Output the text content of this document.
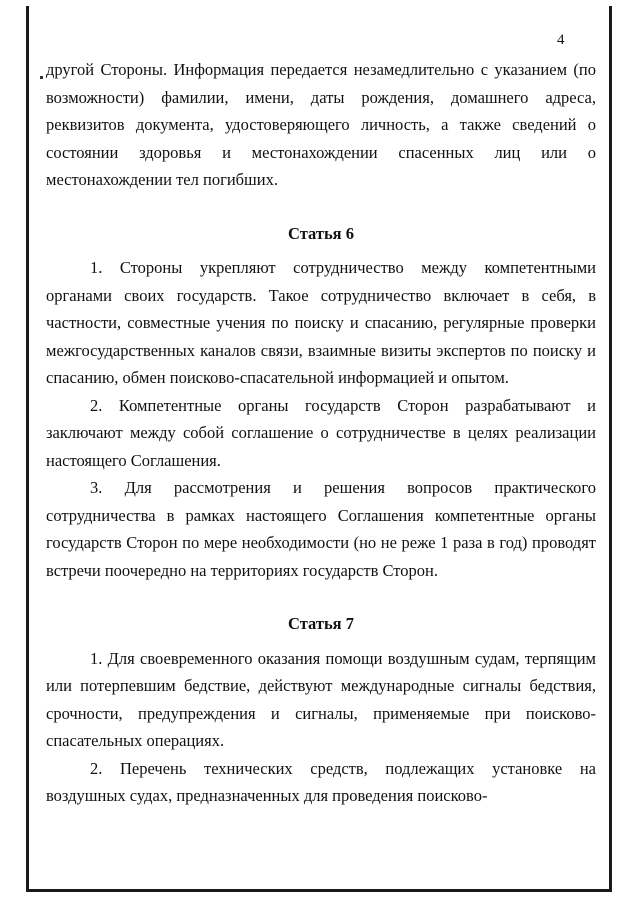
4

другой Стороны. Информация передается незамедлительно с указанием (по возможности) фамилии, имени, даты рождения, домашнего адреса, реквизитов документа, удостоверяющего личность, а также сведений о состоянии здоровья и местонахождении спасенных лиц или о местонахождении тел погибших.

Статья 6

1. Стороны укрепляют сотрудничество между компетентными органами своих государств. Такое сотрудничество включает в себя, в частности, совместные учения по поиску и спасанию, регулярные проверки межгосударственных каналов связи, взаимные визиты экспертов по поиску и спасанию, обмен поисково-спасательной информацией и опытом.

2. Компетентные органы государств Сторон разрабатывают и заключают между собой соглашение о сотрудничестве в целях реализации настоящего Соглашения.

3. Для рассмотрения и решения вопросов практического сотрудничества в рамках настоящего Соглашения компетентные органы государств Сторон по мере необходимости (но не реже 1 раза в год) проводят встречи поочередно на территориях государств Сторон.

Статья 7

1. Для своевременного оказания помощи воздушным судам, терпящим или потерпевшим бедствие, действуют международные сигналы бедствия, срочности, предупреждения и сигналы, применяемые при поисково-спасательных операциях.

2. Перечень технических средств, подлежащих установке на воздушных судах, предназначенных для проведения поисково-
